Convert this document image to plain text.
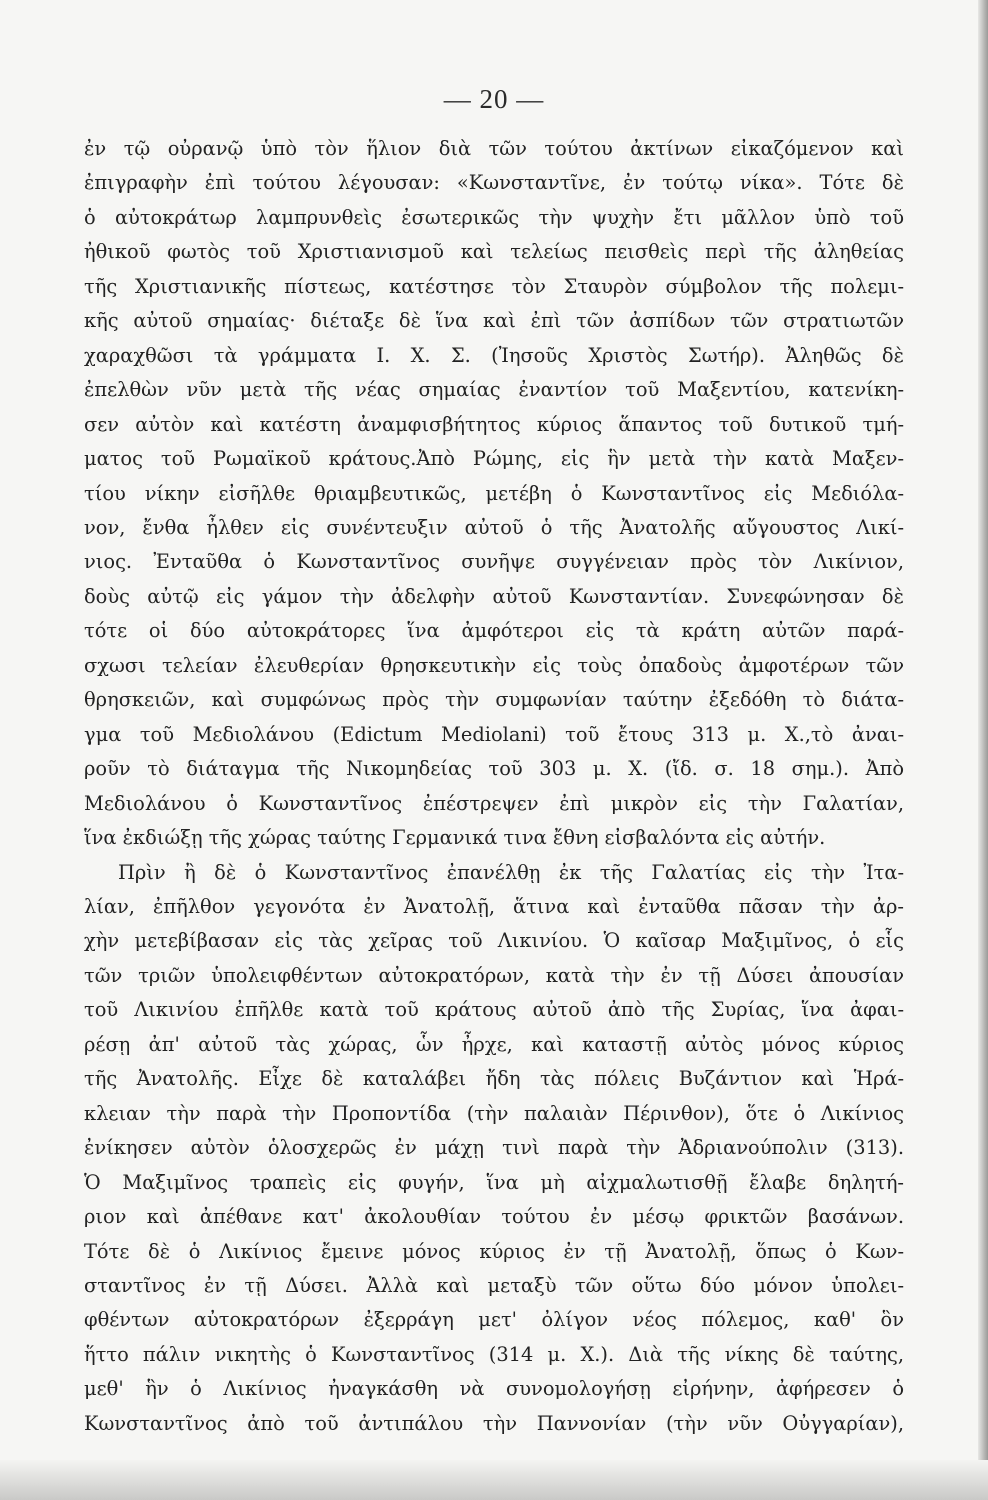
— 20 —
ἐν τῷ οὐρανῷ ὑπὸ τὸν ἥλιον διὰ τῶν τούτου ἀκτίνων εἰκαζόμενον καὶ
ἐπιγραφὴν ἐπὶ τούτου λέγουσαν: «Κωνσταντῖνε, ἐν τούτῳ νίκα». Τότε δὲ
ὁ αὐτοκράτωρ λαμπρυνθεὶς ἐσωτερικῶς τὴν ψυχὴν ἔτι μᾶλλον ὑπὸ τοῦ
ἠθικοῦ φωτὸς τοῦ Χριστιανισμοῦ καὶ τελείως πεισθεὶς περὶ τῆς ἀληθείας
τῆς Χριστιανικῆς πίστεως, κατέστησε τὸν Σταυρὸν σύμβολον τῆς πολεμι-
κῆς αὐτοῦ σημαίας· διέταξε δὲ ἵνα καὶ ἐπὶ τῶν ἀσπίδων τῶν στρατιωτῶν
χαραχθῶσι τὰ γράμματα Ι. Χ. Σ. (Ἰησοῦς Χριστὸς Σωτήρ). Ἀληθῶς δὲ
ἐπελθὼν νῦν μετὰ τῆς νέας σημαίας ἐναντίον τοῦ Μαξεντίου, κατενίκη-
σεν αὐτὸν καὶ κατέστη ἀναμφισβήτητος κύριος ἅπαντος τοῦ δυτικοῦ τμή-
ματος τοῦ Ρωμαϊκοῦ κράτους.Ἀπὸ Ρώμης, εἰς ἣν μετὰ τὴν κατὰ Μαξεν-
τίου νίκην εἰσῆλθε θριαμβευτικῶς, μετέβη ὁ Κωνσταντῖνος εἰς Μεδιόλα-
νον, ἔνθα ἦλθεν εἰς συνέντευξιν αὐτοῦ ὁ τῆς Ἀνατολῆς αὔγουστος Λικί-
νιος. Ἐνταῦθα ὁ Κωνσταντῖνος συνῆψε συγγένειαν πρὸς τὸν Λικίνιον,
δοὺς αὐτῷ εἰς γάμον τὴν ἀδελφὴν αὐτοῦ Κωνσταντίαν. Συνεφώνησαν δὲ
τότε οἱ δύο αὐτοκράτορες ἵνα ἀμφότεροι εἰς τὰ κράτη αὐτῶν παρά-
σχωσι τελείαν ἐλευθερίαν θρησκευτικὴν εἰς τοὺς ὀπαδοὺς ἀμφοτέρων τῶν
θρησκειῶν, καὶ συμφώνως πρὸς τὴν συμφωνίαν ταύτην ἐξεδόθη τὸ διάτα-
γμα τοῦ Μεδιολάνου (Edictum Mediolani) τοῦ ἔτους 313 μ. Χ.,τὸ ἀναι-
ροῦν τὸ διάταγμα τῆς Νικομηδείας τοῦ 303 μ. Χ. (ἴδ. σ. 18 σημ.). Ἀπὸ
Μεδιολάνου ὁ Κωνσταντῖνος ἐπέστρεψεν ἐπὶ μικρὸν εἰς τὴν Γαλατίαν,
ἵνα ἐκδιώξῃ τῆς χώρας ταύτης Γερμανικά τινα ἔθνη εἰσβαλόντα εἰς αὐτήν.
Πρὶν ἢ δὲ ὁ Κωνσταντῖνος ἐπανέλθῃ ἐκ τῆς Γαλατίας εἰς τὴν Ἰτα-
λίαν, ἐπῆλθον γεγονότα ἐν Ἀνατολῇ, ἅτινα καὶ ἐνταῦθα πᾶσαν τὴν ἀρ-
χὴν μετεβίβασαν εἰς τὰς χεῖρας τοῦ Λικινίου. Ὁ καῖσαρ Μαξιμῖνος, ὁ εἷς
τῶν τριῶν ὑπολειφθέντων αὐτοκρατόρων, κατὰ τὴν ἐν τῇ Δύσει ἀπουσίαν
τοῦ Λικινίου ἐπῆλθε κατὰ τοῦ κράτους αὐτοῦ ἀπὸ τῆς Συρίας, ἵνα ἀφαι-
ρέσῃ ἀπ' αὐτοῦ τὰς χώρας, ὧν ἦρχε, καὶ καταστῇ αὐτὸς μόνος κύριος
τῆς Ἀνατολῆς. Εἶχε δὲ καταλάβει ἤδη τὰς πόλεις Βυζάντιον καὶ Ἡρά-
κλειαν τὴν παρὰ τὴν Προποντίδα (τὴν παλαιὰν Πέρινθον), ὅτε ὁ Λικίνιος
ἐνίκησεν αὐτὸν ὁλοσχερῶς ἐν μάχῃ τινὶ παρὰ τὴν Ἀδριανούπολιν (313).
Ὁ Μαξιμῖνος τραπεὶς εἰς φυγήν, ἵνα μὴ αἰχμαλωτισθῇ ἔλαβε δηλητή-
ριον καὶ ἀπέθανε κατ' ἀκολουθίαν τούτου ἐν μέσῳ φρικτῶν βασάνων.
Τότε δὲ ὁ Λικίνιος ἔμεινε μόνος κύριος ἐν τῇ Ἀνατολῇ, ὅπως ὁ Κων-
σταντῖνος ἐν τῇ Δύσει. Ἀλλὰ καὶ μεταξὺ τῶν οὕτω δύο μόνον ὑπολει-
φθέντων αὐτοκρατόρων ἐξερράγη μετ' ὀλίγον νέος πόλεμος, καθ' ὃν
ἥττο πάλιν νικητὴς ὁ Κωνσταντῖνος (314 μ. Χ.). Διὰ τῆς νίκης δὲ ταύτης,
μεθ' ἣν ὁ Λικίνιος ἠναγκάσθη νὰ συνομολογήσῃ εἰρήνην, ἀφήρεσεν ὁ
Κωνσταντῖνος ἀπὸ τοῦ ἀντιπάλου τὴν Παννονίαν (τὴν νῦν Οὐγγαρίαν),
